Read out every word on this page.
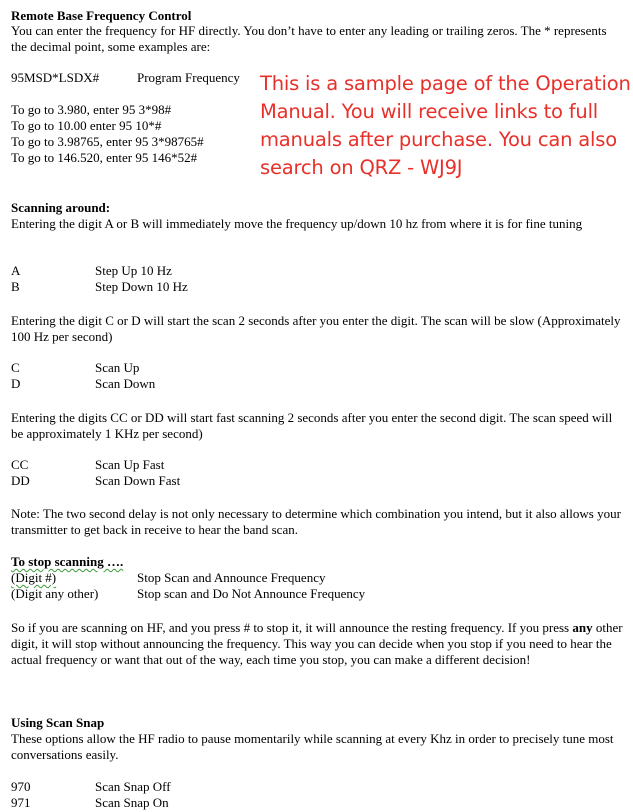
Remote Base Frequency Control

You can enter the frequency for HF directly. You don’t have to enter any leading or trailing zeros. The * represents the decimal point, some examples are:

95MSD*LSDX#	Program Frequency
To go to 3.980, enter 95 3*98#
To go to 10.00 enter 95 10*#
To go to 3.98765, enter 95 3*98765#
To go to 146.520, enter 95 146*52#
Scanning around:

Entering the digit A or B will immediately move the frequency up/down 10 hz from where it is for fine tuning

A	Step Up 10 Hz
B	Step Down 10 Hz

Entering the digit C or D will start the scan 2 seconds after you enter the digit. The scan will be slow (Approximately 100 Hz per second)

C	Scan Up
D	Scan Down

Entering the digits CC or DD will start fast scanning 2 seconds after you enter the second digit. The scan speed will be approximately 1 KHz per second)

CC	Scan Up Fast
DD	Scan Down Fast

Note: The two second delay is not only necessary to determine which combination you intend, but it also allows your transmitter to get back in receive to hear the band scan.

To stop scanning ….
(Digit #)	Stop Scan and Announce Frequency
(Digit any other)	Stop scan and Do Not Announce Frequency

So if you are scanning on HF, and you press # to stop it, it will announce the resting frequency. If you press any other digit, it will stop without announcing the frequency. This way you can decide when you stop if you need to hear the actual frequency or want that out of the way, each time you stop, you can make a different decision!

Using Scan Snap

These options allow the HF radio to pause momentarily while scanning at every Khz in order to precisely tune most conversations easily.

970	Scan Snap Off
971	Scan Snap On
This is a sample page of the Operation Manual. You will receive links to full manuals after purchase. You can also search on QRZ - WJ9J
